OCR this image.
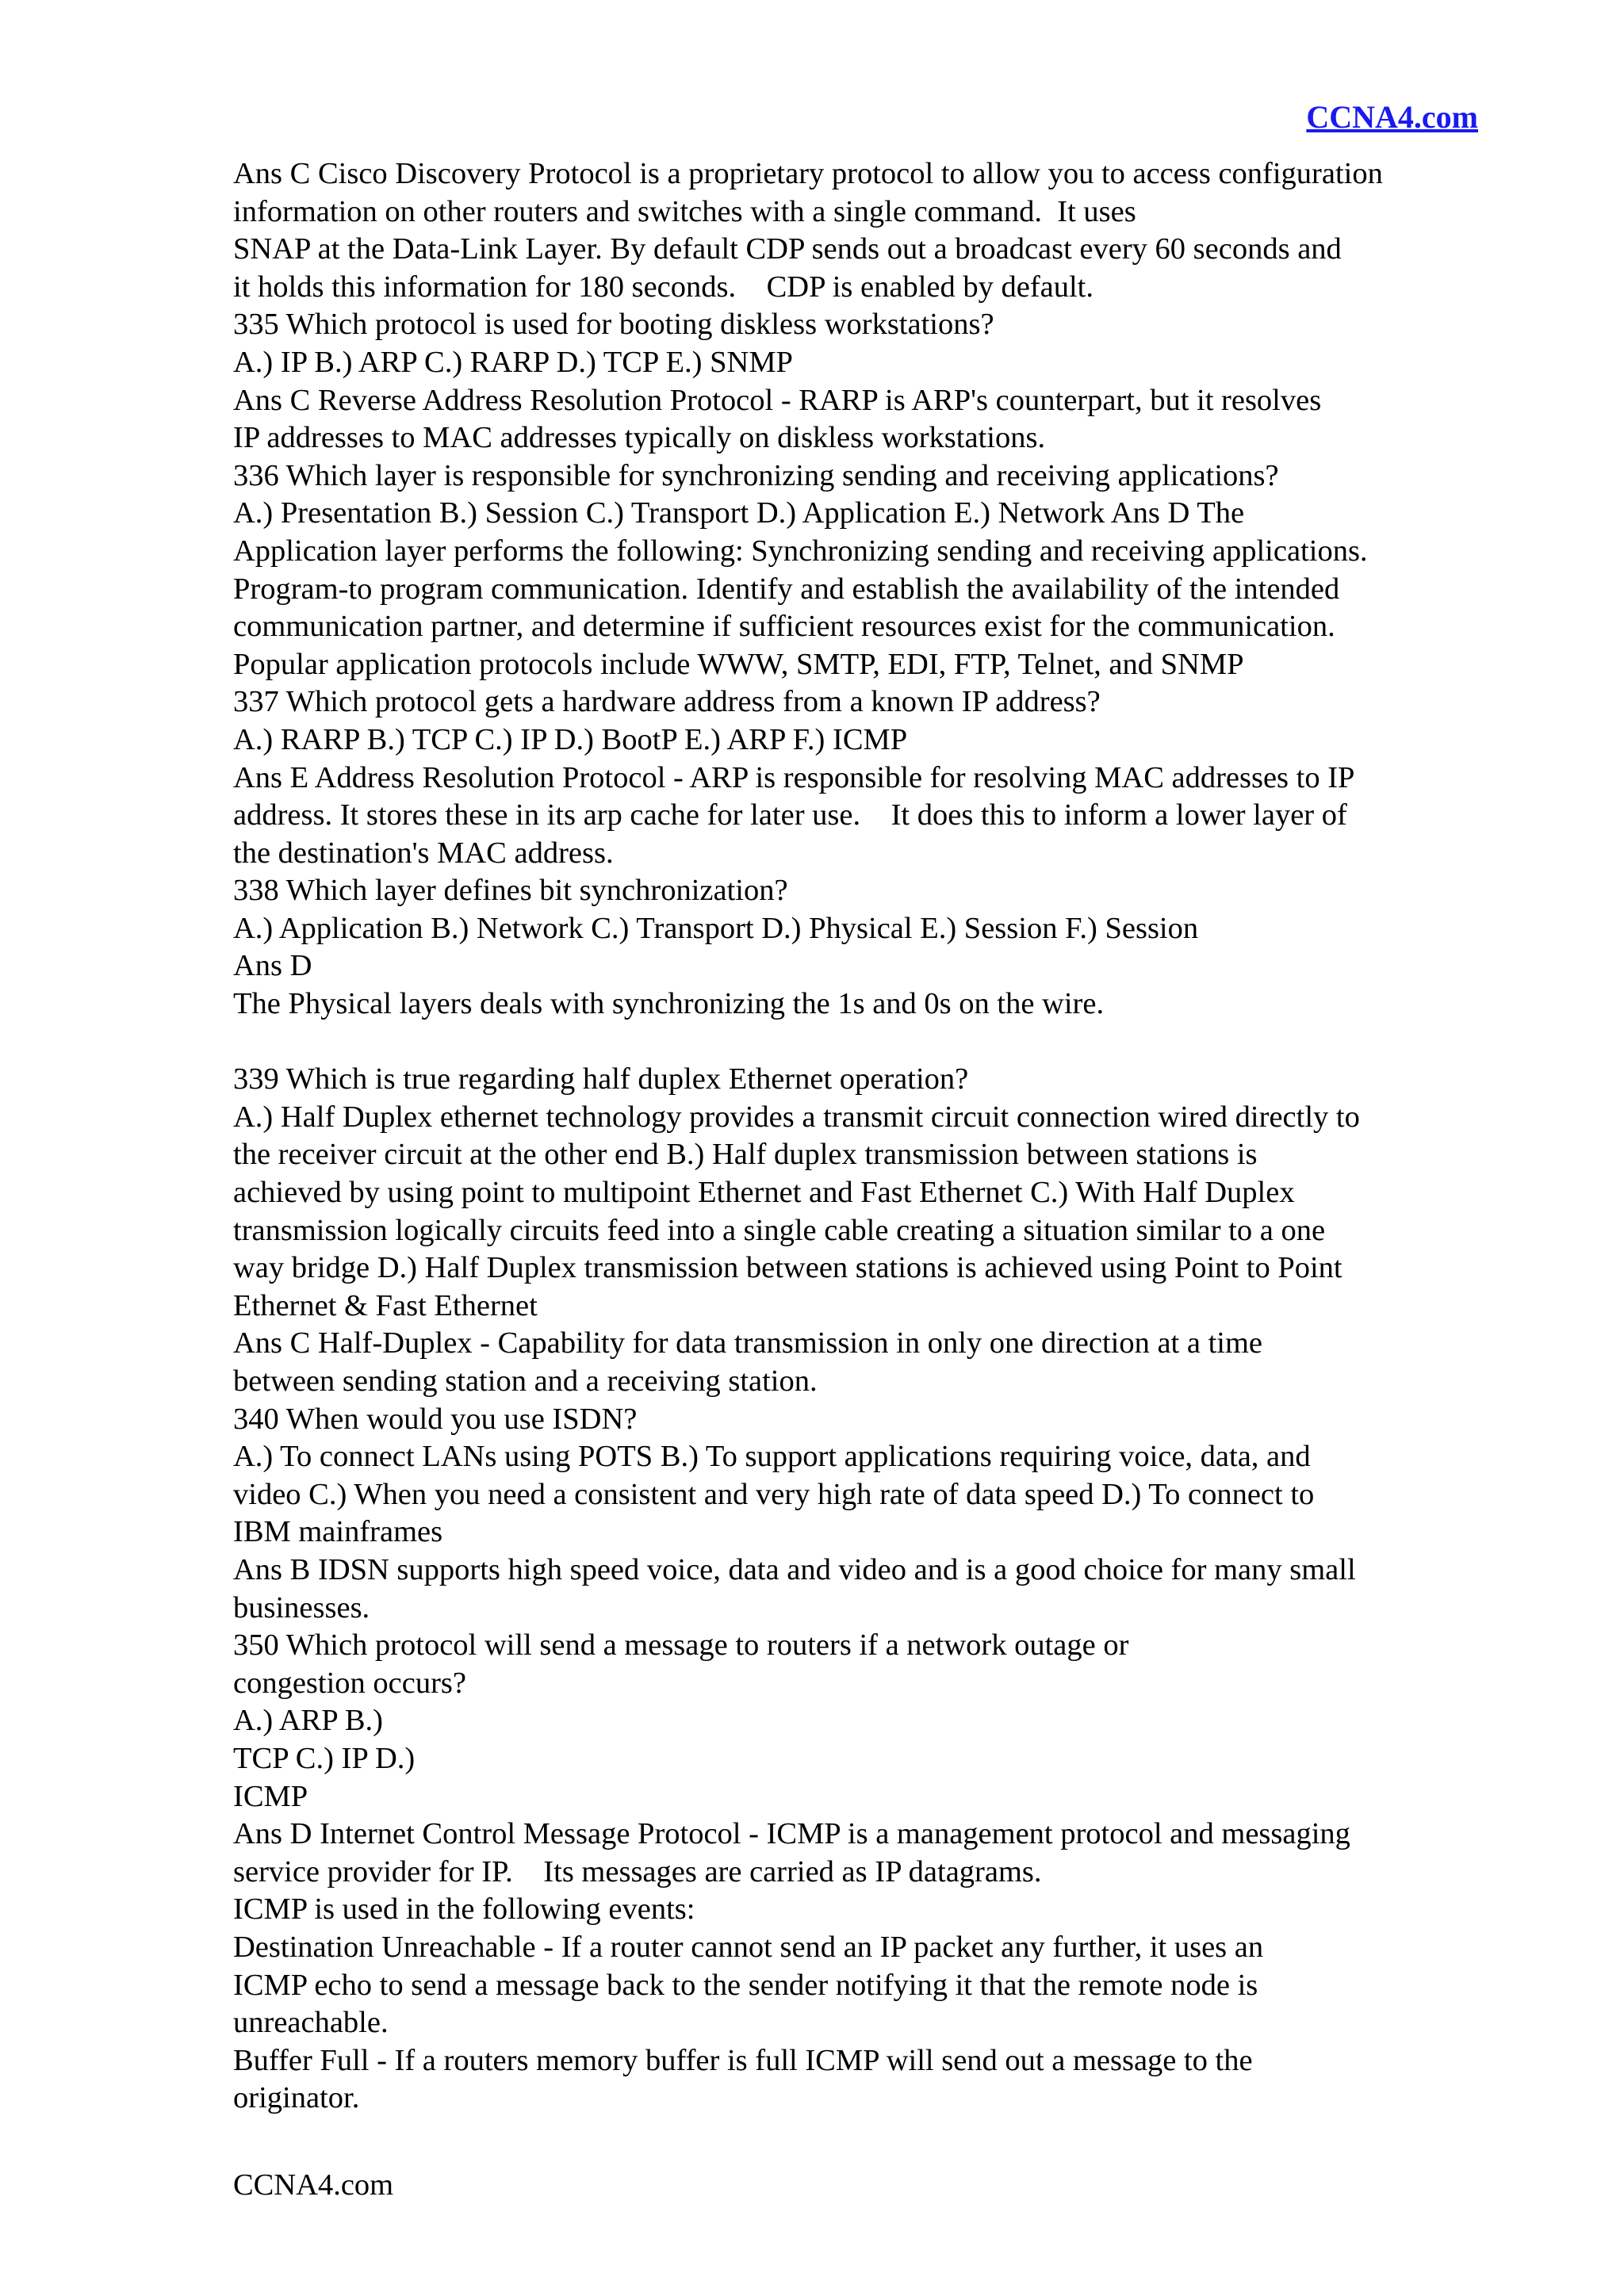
CCNA4.com
Ans C Cisco Discovery Protocol is a proprietary protocol to allow you to access configuration
information on other routers and switches with a single command.  It uses
SNAP at the Data-Link Layer. By default CDP sends out a broadcast every 60 seconds and
it holds this information for 180 seconds.    CDP is enabled by default.
335 Which protocol is used for booting diskless workstations?
A.) IP B.) ARP C.) RARP D.) TCP E.) SNMP
Ans C Reverse Address Resolution Protocol - RARP is ARP's counterpart, but it resolves
IP addresses to MAC addresses typically on diskless workstations.
336 Which layer is responsible for synchronizing sending and receiving applications?
A.) Presentation B.) Session C.) Transport D.) Application E.) Network Ans D The
Application layer performs the following: Synchronizing sending and receiving applications.
Program-to program communication. Identify and establish the availability of the intended
communication partner, and determine if sufficient resources exist for the communication.
Popular application protocols include WWW, SMTP, EDI, FTP, Telnet, and SNMP
337 Which protocol gets a hardware address from a known IP address?
A.) RARP B.) TCP C.) IP D.) BootP E.) ARP F.) ICMP
Ans E Address Resolution Protocol - ARP is responsible for resolving MAC addresses to IP
address. It stores these in its arp cache for later use.    It does this to inform a lower layer of
the destination's MAC address.
338 Which layer defines bit synchronization?
A.) Application B.) Network C.) Transport D.) Physical E.) Session F.) Session
Ans D
The Physical layers deals with synchronizing the 1s and 0s on the wire.
339 Which is true regarding half duplex Ethernet operation?
A.) Half Duplex ethernet technology provides a transmit circuit connection wired directly to
the receiver circuit at the other end B.) Half duplex transmission between stations is
achieved by using point to multipoint Ethernet and Fast Ethernet C.) With Half Duplex
transmission logically circuits feed into a single cable creating a situation similar to a one
way bridge D.) Half Duplex transmission between stations is achieved using Point to Point
Ethernet & Fast Ethernet
Ans C Half-Duplex - Capability for data transmission in only one direction at a time
between sending station and a receiving station.
340 When would you use ISDN?
A.) To connect LANs using POTS B.) To support applications requiring voice, data, and
video C.) When you need a consistent and very high rate of data speed D.) To connect to
IBM mainframes
Ans B IDSN supports high speed voice, data and video and is a good choice for many small
businesses.
350 Which protocol will send a message to routers if a network outage or
congestion occurs?
A.) ARP B.)
TCP C.) IP D.)
ICMP
Ans D Internet Control Message Protocol - ICMP is a management protocol and messaging
service provider for IP.    Its messages are carried as IP datagrams.
ICMP is used in the following events:
Destination Unreachable - If a router cannot send an IP packet any further, it uses an
ICMP echo to send a message back to the sender notifying it that the remote node is
unreachable.
Buffer Full - If a routers memory buffer is full ICMP will send out a message to the
originator.
CCNA4.com
